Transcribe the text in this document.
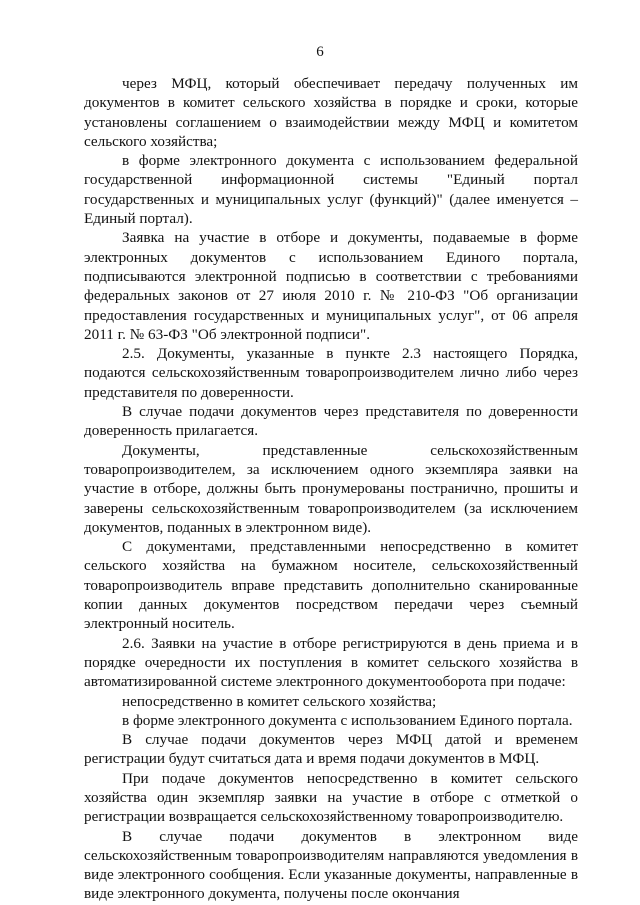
6

через МФЦ, который обеспечивает передачу полученных им документов в комитет сельского хозяйства в порядке и сроки, которые установлены соглашением о взаимодействии между МФЦ и комитетом сельского хозяйства;

в форме электронного документа с использованием федеральной государственной информационной системы "Единый портал государственных и муниципальных услуг (функций)" (далее именуется – Единый портал).

Заявка на участие в отборе и документы, подаваемые в форме электронных документов с использованием Единого портала, подписываются электронной подписью в соответствии с требованиями федеральных законов от 27 июля 2010 г. № 210-ФЗ "Об организации предоставления государственных и муниципальных услуг", от 06 апреля 2011 г. № 63-ФЗ "Об электронной подписи".

2.5. Документы, указанные в пункте 2.3 настоящего Порядка, подаются сельскохозяйственным товаропроизводителем лично либо через представителя по доверенности.

В случае подачи документов через представителя по доверенности доверенность прилагается.

Документы, представленные сельскохозяйственным товаропроизводителем, за исключением одного экземпляра заявки на участие в отборе, должны быть пронумерованы постранично, прошиты и заверены сельскохозяйственным товаропроизводителем (за исключением документов, поданных в электронном виде).

С документами, представленными непосредственно в комитет сельского хозяйства на бумажном носителе, сельскохозяйственный товаропроизводитель вправе представить дополнительно сканированные копии данных документов посредством передачи через съемный электронный носитель.

2.6. Заявки на участие в отборе регистрируются в день приема и в порядке очередности их поступления в комитет сельского хозяйства в автоматизированной системе электронного документооборота при подаче:

непосредственно в комитет сельского хозяйства;

в форме электронного документа с использованием Единого портала.

В случае подачи документов через МФЦ датой и временем регистрации будут считаться дата и время подачи документов в МФЦ.

При подаче документов непосредственно в комитет сельского хозяйства один экземпляр заявки на участие в отборе с отметкой о регистрации возвращается сельскохозяйственному товаропроизводителю.

В случае подачи документов в электронном виде сельскохозяйственным товаропроизводителям направляются уведомления в виде электронного сообщения. Если указанные документы, направленные в виде электронного документа, получены после окончания
